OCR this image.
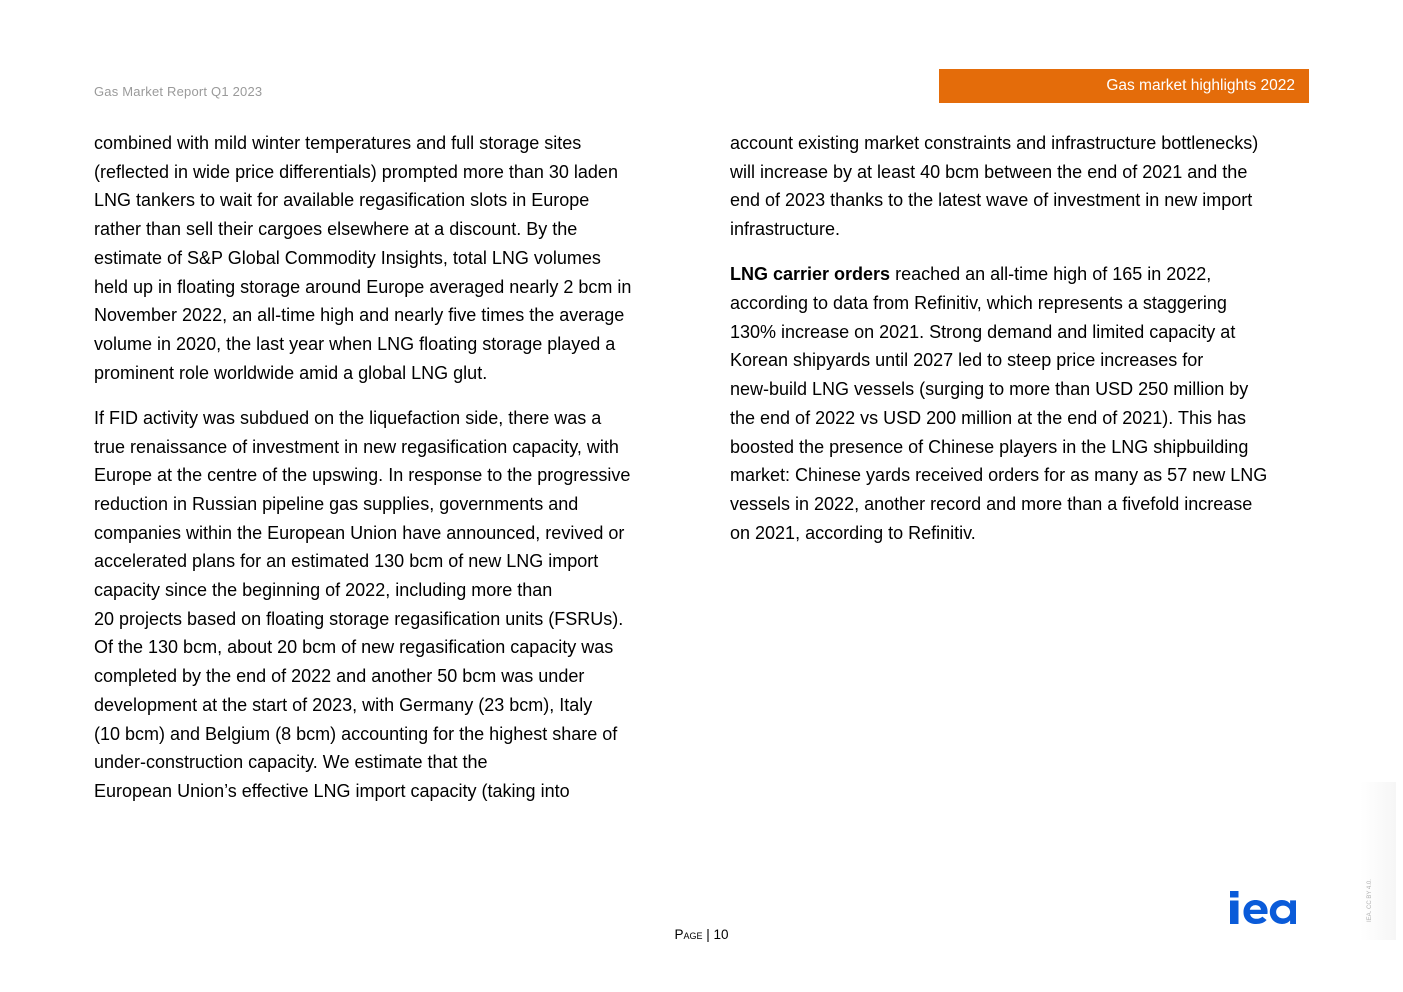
Gas Market Report Q1 2023	Gas market highlights 2022

combined with mild winter temperatures and full storage sites
(reflected in wide price differentials) prompted more than 30 laden
LNG tankers to wait for available regasification slots in Europe
rather than sell their cargoes elsewhere at a discount. By the
estimate of S&P Global Commodity Insights, total LNG volumes
held up in floating storage around Europe averaged nearly 2 bcm in
November 2022, an all-time high and nearly five times the average
volume in 2020, the last year when LNG floating storage played a
prominent role worldwide amid a global LNG glut.

If FID activity was subdued on the liquefaction side, there was a
true renaissance of investment in new regasification capacity, with
Europe at the centre of the upswing. In response to the progressive
reduction in Russian pipeline gas supplies, governments and
companies within the European Union have announced, revived or
accelerated plans for an estimated 130 bcm of new LNG import
capacity since the beginning of 2022, including more than
20 projects based on floating storage regasification units (FSRUs).
Of the 130 bcm, about 20 bcm of new regasification capacity was
completed by the end of 2022 and another 50 bcm was under
development at the start of 2023, with Germany (23 bcm), Italy
(10 bcm) and Belgium (8 bcm) accounting for the highest share of
under-construction capacity. We estimate that the
European Union’s effective LNG import capacity (taking into

account existing market constraints and infrastructure bottlenecks)
will increase by at least 40 bcm between the end of 2021 and the
end of 2023 thanks to the latest wave of investment in new import
infrastructure.

LNG carrier orders reached an all-time high of 165 in 2022,
according to data from Refinitiv, which represents a staggering
130% increase on 2021. Strong demand and limited capacity at
Korean shipyards until 2027 led to steep price increases for
new-build LNG vessels (surging to more than USD 250 million by
the end of 2022 vs USD 200 million at the end of 2021). This has
boosted the presence of Chinese players in the LNG shipbuilding
market: Chinese yards received orders for as many as 57 new LNG
vessels in 2022, another record and more than a fivefold increase
on 2021, according to Refinitiv.

Page | 10
IEA. CC BY 4.0.
